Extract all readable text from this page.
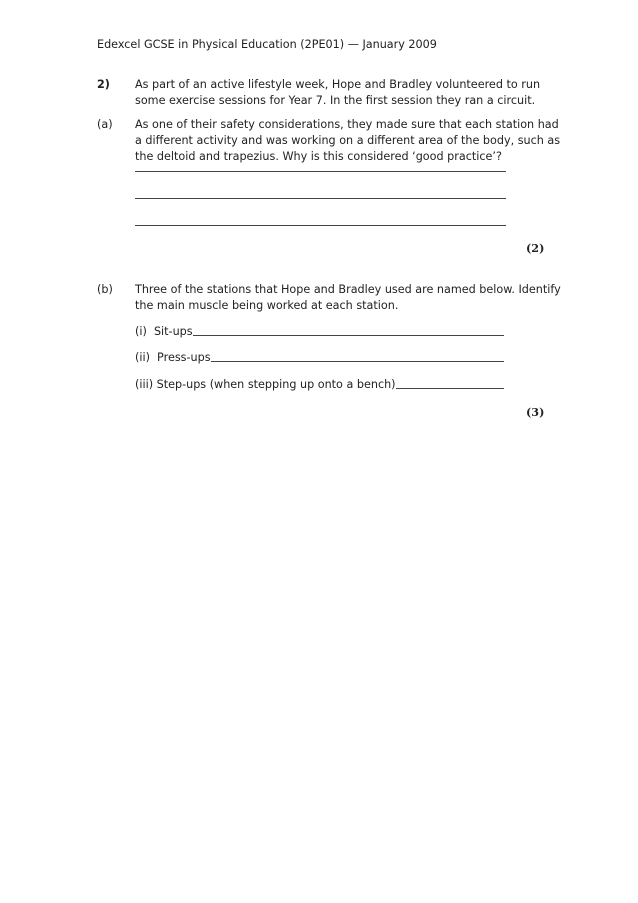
Edexcel GCSE in Physical Education (2PE01) — January 2009
2) As part of an active lifestyle week, Hope and Bradley volunteered to run
some exercise sessions for Year 7. In the first session they ran a circuit.
(a) As one of their safety considerations, they made sure that each station had
a different activity and was working on a different area of the body, such as
the deltoid and trapezius. Why is this considered ‘good practice’?
(2)
(b) Three of the stations that Hope and Bradley used are named below. Identify
the main muscle being worked at each station.
(i)  Sit-ups
(ii)  Press-ups
(iii) Step-ups (when stepping up onto a bench)
(3)
